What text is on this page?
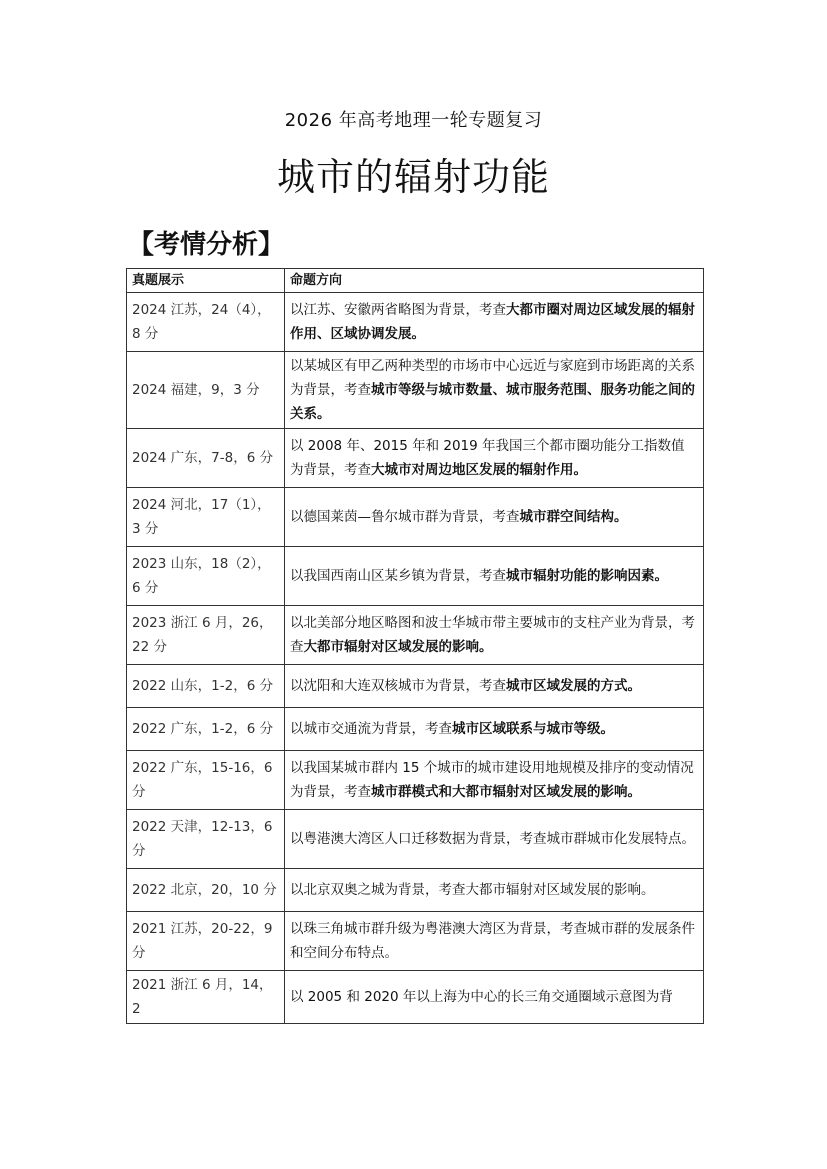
2026 年高考地理一轮专题复习
城市的辐射功能
【考情分析】
真题展示	命题方向
2024 江苏，24（4），8 分	以江苏、安徽两省略图为背景，考查大都市圈对周边区域发展的辐射作用、区域协调发展。
2024 福建，9，3 分	以某城区有甲乙两种类型的市场市中心远近与家庭到市场距离的关系为背景，考查城市等级与城市数量、城市服务范围、服务功能之间的关系。
2024 广东，7-8，6 分	以 2008 年、2015 年和 2019 年我国三个都市圈功能分工指数值为背景，考查大城市对周边地区发展的辐射作用。
2024 河北，17（1），3 分	以德国莱茵—鲁尔城市群为背景，考查城市群空间结构。
2023 山东，18（2），6 分	以我国西南山区某乡镇为背景，考查城市辐射功能的影响因素。
2023 浙江 6 月，26，22 分	以北美部分地区略图和波士华城市带主要城市的支柱产业为背景，考查大都市辐射对区域发展的影响。
2022 山东，1-2，6 分	以沈阳和大连双核城市为背景，考查城市区域发展的方式。
2022 广东，1-2，6 分	以城市交通流为背景，考查城市区域联系与城市等级。
2022 广东，15-16，6 分	以我国某城市群内 15 个城市的城市建设用地规模及排序的变动情况为背景，考查城市群模式和大都市辐射对区域发展的影响。
2022 天津，12-13，6 分	以粤港澳大湾区人口迁移数据为背景，考查城市群城市化发展特点。
2022 北京，20，10 分	以北京双奥之城为背景，考查大都市辐射对区域发展的影响。
2021 江苏，20-22，9 分	以珠三角城市群升级为粤港澳大湾区为背景，考查城市群的发展条件和空间分布特点。
2021 浙江 6 月，14，2	以 2005 和 2020 年以上海为中心的长三角交通圈域示意图为背
